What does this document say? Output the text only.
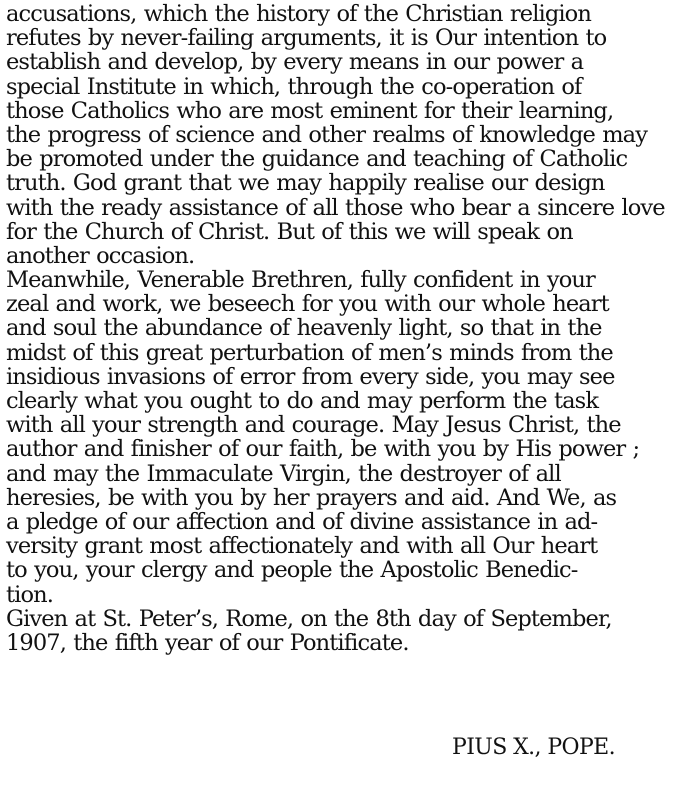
accusations, which the history of the Christian religion
refutes by never-failing arguments, it is Our intention to
establish and develop, by every means in our power a
special Institute in which, through the co-operation of
those Catholics who are most eminent for their learning,
the progress of science and other realms of knowledge may
be promoted under the guidance and teaching of Catholic
truth. God grant that we may happily realise our design
with the ready assistance of all those who bear a sincere love
for the Church of Christ. But of this we will speak on
another occasion.
Meanwhile, Venerable Brethren, fully confident in your
zeal and work, we beseech for you with our whole heart
and soul the abundance of heavenly light, so that in the
midst of this great perturbation of men’s minds from the
insidious invasions of error from every side, you may see
clearly what you ought to do and may perform the task
with all your strength and courage. May Jesus Christ, the
author and finisher of our faith, be with you by His power ;
and may the Immaculate Virgin, the destroyer of all
heresies, be with you by her prayers and aid. And We, as
a pledge of our affection and of divine assistance in ad-
versity grant most affectionately and with all Our heart
to you, your clergy and people the Apostolic Benedic-
tion.
Given at St. Peter’s, Rome, on the 8th day of September,
1907, the fifth year of our Pontificate.
PIUS X., POPE.
